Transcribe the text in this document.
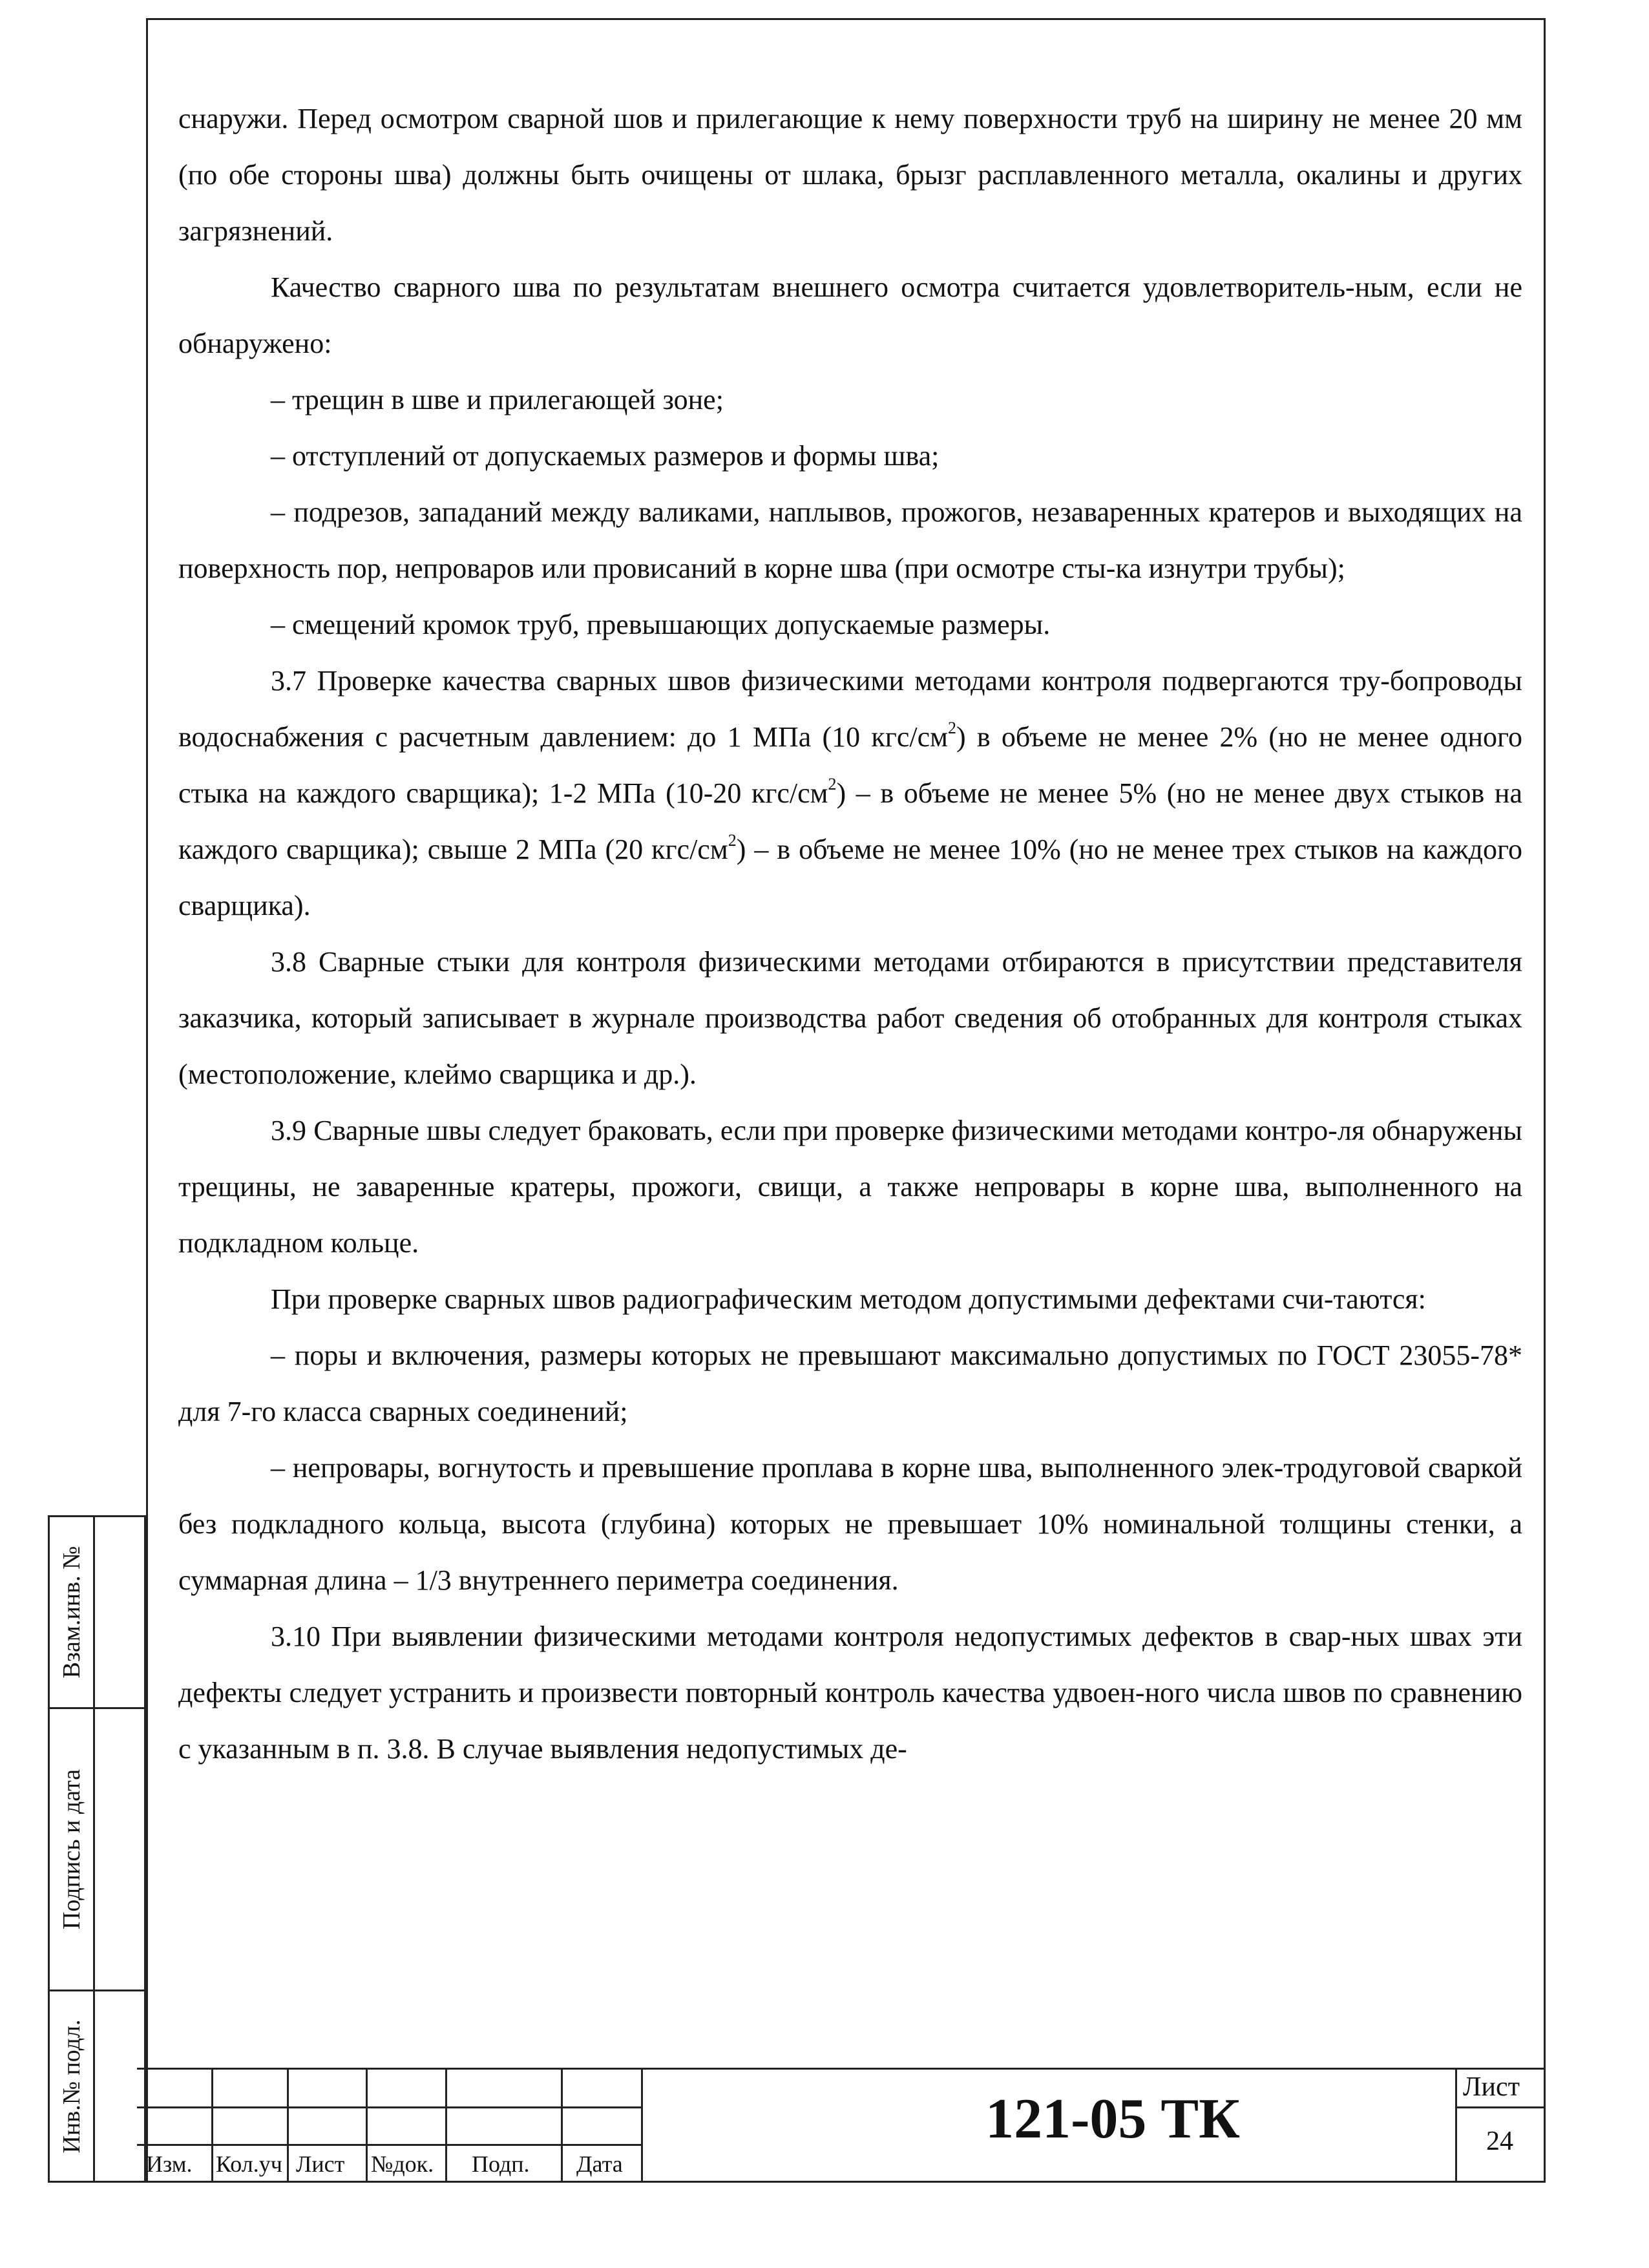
снаружи. Перед осмотром сварной шов и прилегающие к нему поверхности труб на ширину не менее 20 мм (по обе стороны шва) должны быть очищены от шлака, брызг расплавленного металла, окалины и других загрязнений.

Качество сварного шва по результатам внешнего осмотра считается удовлетворитель-ным, если не обнаружено:

– трещин в шве и прилегающей зоне;

– отступлений от допускаемых размеров и формы шва;

– подрезов, западаний между валиками, наплывов, прожогов, незаваренных кратеров и выходящих на поверхность пор, непроваров или провисаний в корне шва (при осмотре сты-ка изнутри трубы);

– смещений кромок труб, превышающих допускаемые размеры.

3.7 Проверке качества сварных швов физическими методами контроля подвергаются тру-бопроводы водоснабжения с расчетным давлением: до 1 МПа (10 кгс/$см^2$) в объеме не менее 2% (но не менее одного стыка на каждого сварщика); 1-2 МПа (10-20 кгс/$см^2$) – в объеме не менее 5% (но не менее двух стыков на каждого сварщика); свыше 2 МПа (20 кгс/$см^2$) – в объеме не менее 10% (но не менее трех стыков на каждого сварщика).

3.8 Сварные стыки для контроля физическими методами отбираются в присутствии представителя заказчика, который записывает в журнале производства работ сведения об отобранных для контроля стыках (местоположение, клеймо сварщика и др.).

3.9 Сварные швы следует браковать, если при проверке физическими методами контро-ля обнаружены трещины, не заваренные кратеры, прожоги, свищи, а также непровары в корне шва, выполненного на подкладном кольце.

При проверке сварных швов радиографическим методом допустимыми дефектами счи-таются:

– поры и включения, размеры которых не превышают максимально допустимых по ГОСТ 23055-78* для 7-го класса сварных соединений;

– непровары, вогнутость и превышение проплава в корне шва, выполненного элек-тродуговой сваркой без подкладного кольца, высота (глубина) которых не превышает 10% номинальной толщины стенки, а суммарная длина – 1/3 внутреннего периметра соединения.

3.10 При выявлении физическими методами контроля недопустимых дефектов в свар-ных швах эти дефекты следует устранить и произвести повторный контроль качества удвоен-ного числа швов по сравнению с указанным в п. 3.8. В случае выявления недопустимых де-

Взам.инв. №
Подпись и дата
Инв.№ подл.
Изм. Кол.уч Лист №док. Подп. Дата
121-05 ТК
Лист
24
